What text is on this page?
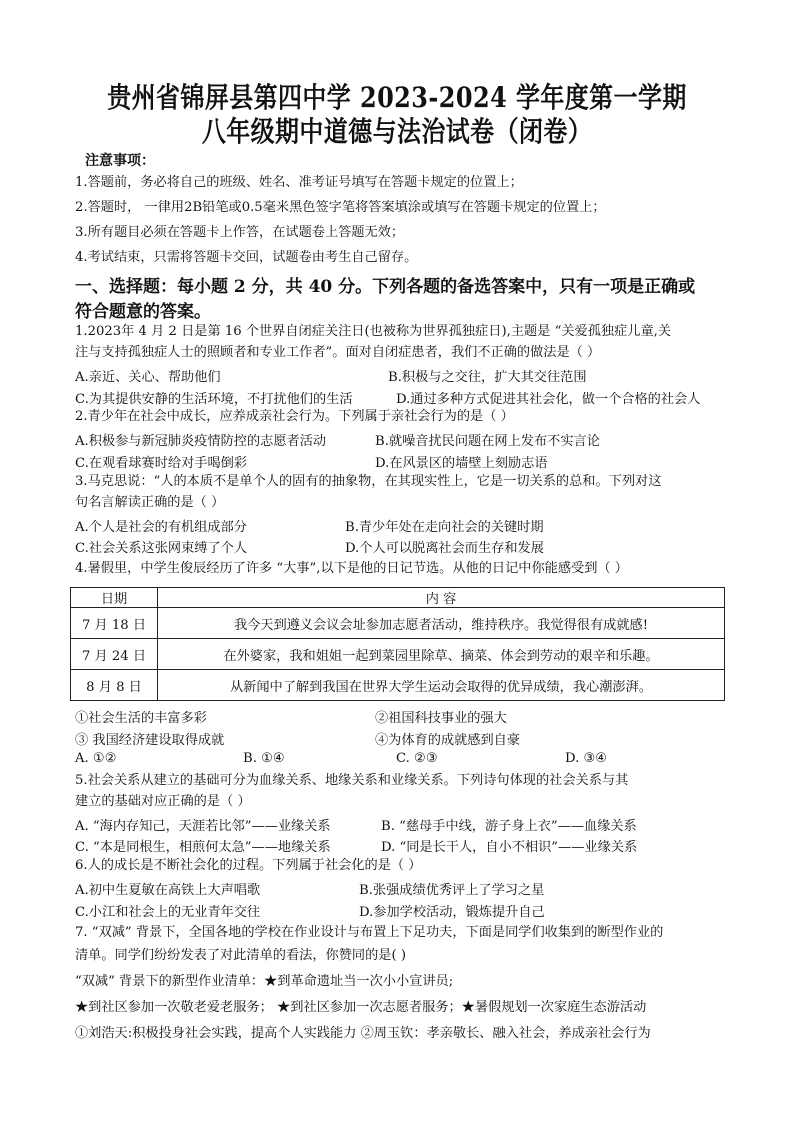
贵州省锦屏县第四中学 2023-2024 学年度第一学期
八年级期中道德与法治试卷（闭卷）
注意事项：
1.答题前，务必将自己的班级、姓名、准考证号填写在答题卡规定的位置上；
2.答题时， 一律用2B铅笔或0.5毫米黑色签字笔将答案填涂或填写在答题卡规定的位置上；
3.所有题目必须在答题卡上作答，在试题卷上答题无效；
4.考试结束，只需将答题卡交回，试题卷由考生自己留存。
一、选择题：每小题 2 分，共 40 分。下列各题的备选答案中，只有一项是正确或
符合题意的答案。
1.2023年 4 月 2 日是第 16 个世界自闭症关注日(也被称为世界孤独症日),主题是 “关爱孤独症儿童,关
注与支持孤独症人士的照顾者和专业工作者”。面对自闭症患者，我们不正确的做法是（ ）
A.亲近、关心、帮助他们	B.积极与之交往，扩大其交往范围
C.为其提供安静的生活环境，不打扰他们的生活	D.通过多种方式促进其社会化，做一个合格的社会人
2.青少年在社会中成长，应养成亲社会行为。下列属于亲社会行为的是（ ）
A.积极参与新冠肺炎疫情防控的志愿者活动	B.就噪音扰民问题在网上发布不实言论
C.在观看球赛时给对手喝倒彩	D.在风景区的墙壁上刻励志语
3.马克思说：“人的本质不是单个人的固有的抽象物，在其现实性上，它是一切关系的总和。下列对这
句名言解读正确的是（ ）
A.个人是社会的有机组成部分	B.青少年处在走向社会的关键时期
C.社会关系这张网束缚了个人	D.个人可以脱离社会而生存和发展
4.暑假里，中学生俊辰经历了许多 “大事”,以下是他的日记节选。从他的日记中你能感受到（ ）
日期	内 容
7 月 18 日	我今天到遵义会议会址参加志愿者活动，维持秩序。我觉得很有成就感!
7 月 24 日	在外婆家，我和姐姐一起到菜园里除草、摘菜、体会到劳动的艰辛和乐趣。
8 月 8 日	从新闻中了解到我国在世界大学生运动会取得的优异成绩，我心潮澎湃。
①社会生活的丰富多彩	②祖国科技事业的强大
③ 我国经济建设取得成就	④为体育的成就感到自豪
A. ①②	B. ①④	C. ②③	D. ③④
5.社会关系从建立的基础可分为血缘关系、地缘关系和业缘关系。下列诗句体现的社会关系与其
建立的基础对应正确的是（ ）
A. “海内存知己，天涯若比邻”——业缘关系	B. “慈母手中线，游子身上衣”——血缘关系
C. “本是同根生，相煎何太急”——地缘关系	D. “同是长干人，自小不相识”——业缘关系
6.人的成长是不断社会化的过程。下列属于社会化的是（ ）
A.初中生夏敏在高铁上大声唱歌	B.张强成绩优秀评上了学习之星
C.小江和社会上的无业青年交往	D.参加学校活动，锻炼提升自己
7. “双减” 背景下，全国各地的学校在作业设计与布置上下足功夫，下面是同学们收集到的断型作业的
清单。同学们纷纷发表了对此清单的看法，你赞同的是( )
“双减” 背景下的新型作业清单：★到革命遗址当一次小小宣讲员;
★到社区参加一次敬老爱老服务； ★到社区参加一次志愿者服务；★暑假规划一次家庭生态游活动
①刘浩天:积极投身社会实践，提高个人实践能力 ②周玉钦：孝亲敬长、融入社会，养成亲社会行为
